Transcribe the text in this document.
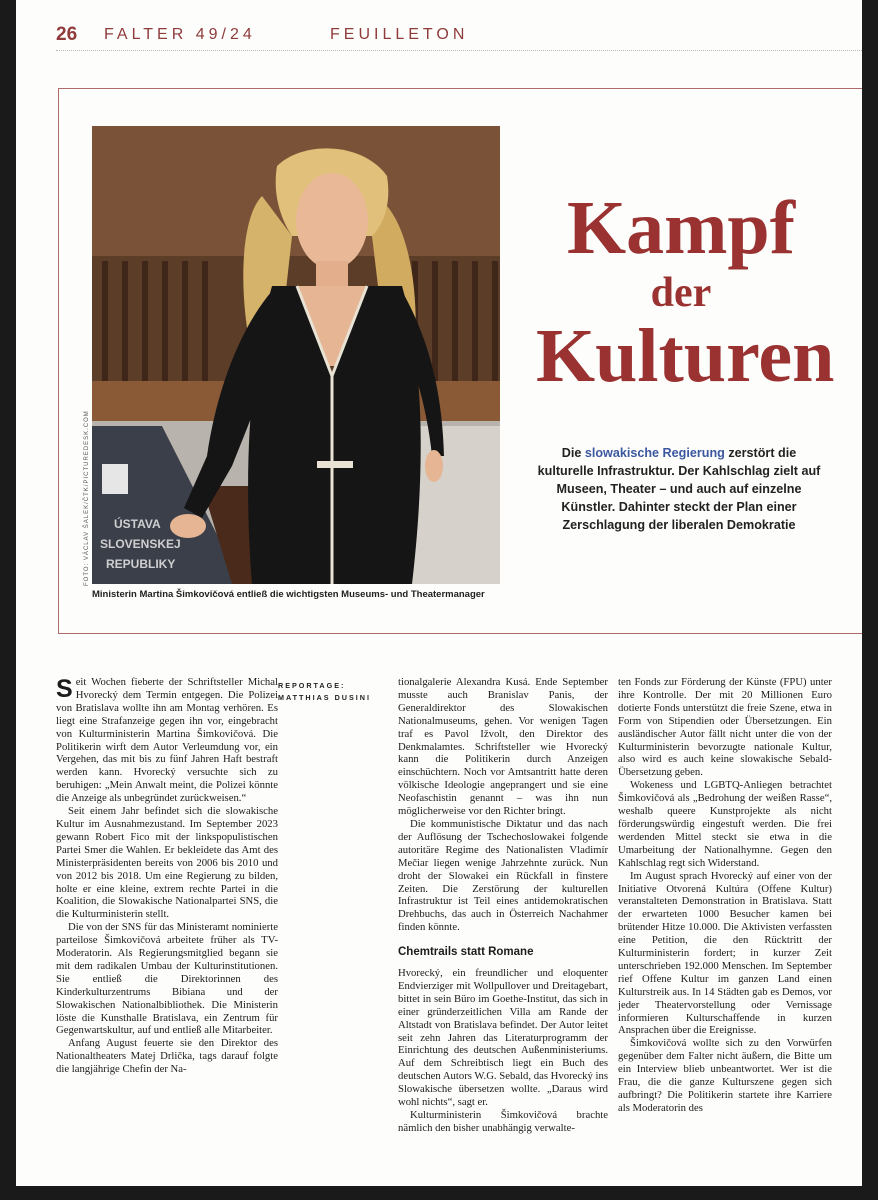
26 FALTER 49/24	FEUILLETON
ÚSTAVA
SLOVENSKEJ
REPUBLIKY
FOTO: VÁCLAV ŠALEK/ČTK/PICTUREDESK.COM
Ministerin Martina Šimkovičová entließ die wichtigsten Museums- und Theatermanager
Kampf
der
Kulturen
Die slowakische Regierung zerstört die kulturelle Infrastruktur. Der Kahlschlag zielt auf Museen, Theater – und auch auf einzelne Künstler. Dahinter steckt der Plan einer Zerschlagung der liberalen Demokratie
REPORTAGE:
MATTHIAS DUSINI

Seit Wochen fieberte der Schriftsteller Michal Hvorecký dem Termin entgegen. Die Polizei von Bratislava wollte ihn am Montag verhören. Es liegt eine Strafanzeige gegen ihn vor, eingebracht von Kulturministerin Martina Šimkovičová. Die Politikerin wirft dem Autor Verleumdung vor, ein Vergehen, das mit bis zu fünf Jahren Haft bestraft werden kann. Hvorecký versuchte sich zu beruhigen: „Mein Anwalt meint, die Polizei könnte die Anzeige als unbegründet zurückweisen.“

Seit einem Jahr befindet sich die slowakische Kultur im Ausnahmezustand. Im September 2023 gewann Robert Fico mit der linkspopulistischen Partei Smer die Wahlen. Er bekleidete das Amt des Ministerpräsidenten bereits von 2006 bis 2010 und von 2012 bis 2018. Um eine Regierung zu bilden, holte er eine kleine, extrem rechte Partei in die Koalition, die Slowakische Nationalpartei SNS, die die Kulturministerin stellt.

Die von der SNS für das Ministeramt nominierte parteilose Šimkovičová arbeitete früher als TV-Moderatorin. Als Regierungsmitglied begann sie mit dem radikalen Umbau der Kulturinstitutionen. Sie entließ die Direktorinnen des Kinderkulturzentrums Bibiana und der Slowakischen Nationalbibliothek. Die Ministerin löste die Kunsthalle Bratislava, ein Zentrum für Gegenwartskultur, auf und entließ alle Mitarbeiter.

Anfang August feuerte sie den Direktor des Nationaltheaters Matej Drlička, tags darauf folgte die langjährige Chefin der Na-

tionalgalerie Alexandra Kusá. Ende September musste auch Branislav Panis, der Generaldirektor des Slowakischen Nationalmuseums, gehen. Vor wenigen Tagen traf es Pavol Ižvolt, den Direktor des Denkmalamtes. Schriftsteller wie Hvorecký kann die Politikerin durch Anzeigen einschüchtern. Noch vor Amtsantritt hatte deren völkische Ideologie angeprangert und sie eine Neofaschistin genannt – was ihn nun möglicherweise vor den Richter bringt.

Die kommunistische Diktatur und das nach der Auflösung der Tschechoslowakei folgende autoritäre Regime des Nationalisten Vladimír Mečiar liegen wenige Jahrzehnte zurück. Nun droht der Slowakei ein Rückfall in finstere Zeiten. Die Zerstörung der kulturellen Infrastruktur ist Teil eines antidemokratischen Drehbuchs, das auch in Österreich Nachahmer finden könnte.

Chemtrails statt Romane

Hvorecký, ein freundlicher und eloquenter Endvierziger mit Wollpullover und Dreitagebart, bittet in sein Büro im Goethe-Institut, das sich in einer gründerzeitlichen Villa am Rande der Altstadt von Bratislava befindet. Der Autor leitet seit zehn Jahren das Literaturprogramm der Einrichtung des deutschen Außenministeriums. Auf dem Schreibtisch liegt ein Buch des deutschen Autors W.G. Sebald, das Hvorecký ins Slowakische übersetzen wollte. „Daraus wird wohl nichts“, sagt er.

Kulturministerin Šimkovičová brachte nämlich den bisher unabhängig verwalte-

ten Fonds zur Förderung der Künste (FPU) unter ihre Kontrolle. Der mit 20 Millionen Euro dotierte Fonds unterstützt die freie Szene, etwa in Form von Stipendien oder Übersetzungen. Ein ausländischer Autor fällt nicht unter die von der Kulturministerin bevorzugte nationale Kultur, also wird es auch keine slowakische Sebald-Übersetzung geben.

Wokeness und LGBTQ-Anliegen betrachtet Šimkovičová als „Bedrohung der weißen Rasse“, weshalb queere Kunstprojekte als nicht förderungswürdig eingestuft werden. Die frei werdenden Mittel steckt sie etwa in die Umarbeitung der Nationalhymne. Gegen den Kahlschlag regt sich Widerstand.

Im August sprach Hvorecký auf einer von der Initiative Otvorená Kultúra (Offene Kultur) veranstalteten Demonstration in Bratislava. Statt der erwarteten 1000 Besucher kamen bei brütender Hitze 10.000. Die Aktivisten verfassten eine Petition, die den Rücktritt der Kulturministerin fordert; in kurzer Zeit unterschrieben 192.000 Menschen. Im September rief Offene Kultur im ganzen Land einen Kulturstreik aus. In 14 Städten gab es Demos, vor jeder Theatervorstellung oder Vernissage informieren Kulturschaffende in kurzen Ansprachen über die Ereignisse.

Šimkovičová wollte sich zu den Vorwürfen gegenüber dem Falter nicht äußern, die Bitte um ein Interview blieb unbeantwortet. Wer ist die Frau, die die ganze Kulturszene gegen sich aufbringt? Die Politikerin startete ihre Karriere als Moderatorin des
